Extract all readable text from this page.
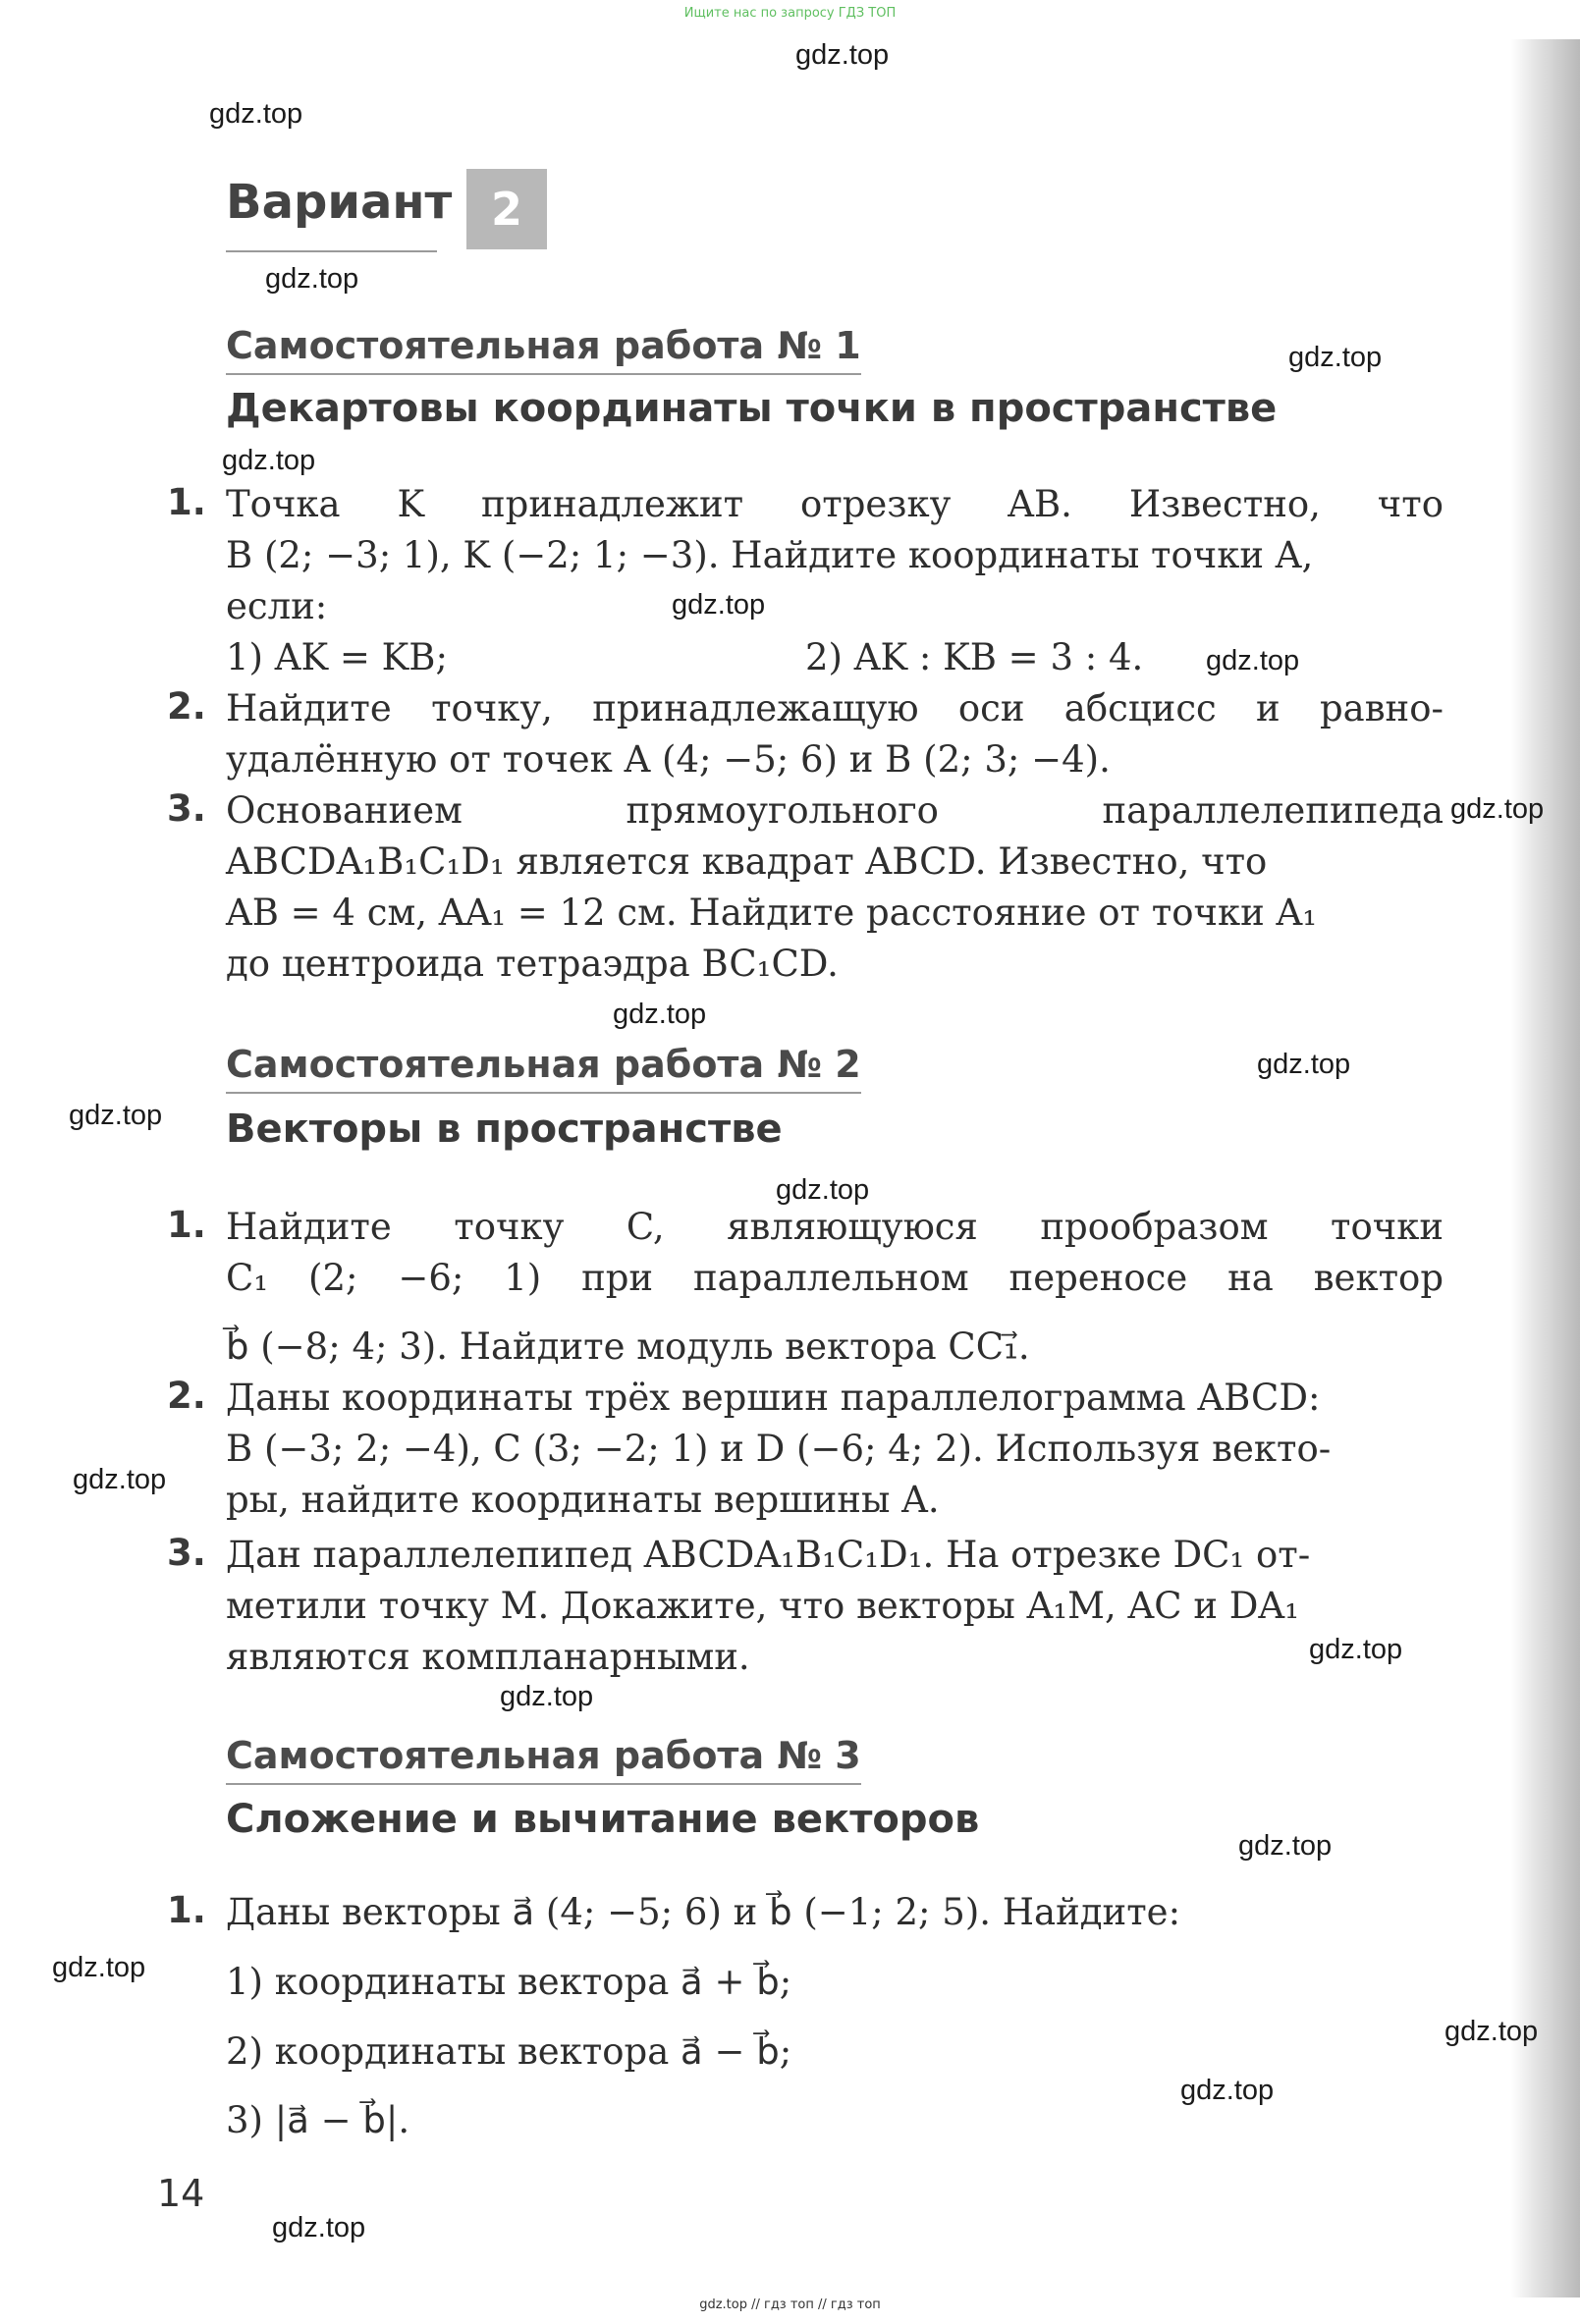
Ищите нас по запросу ГДЗ ТОП
gdz.top
gdz.top
gdz.top
gdz.top
gdz.top
gdz.top
gdz.top
gdz.top
gdz.top
gdz.top
gdz.top
gdz.top
gdz.top
gdz.top
gdz.top
gdz.top
gdz.top
gdz.top
gdz.top
gdz.top
Вариант 2
Самостоятельная работа № 1
Декартовы координаты точки в пространстве
1. Точка K принадлежит отрезку AB. Известно, что
B (2; −3; 1), K (−2; 1; −3). Найдите координаты точки A,
если:
1) AK = KB;	2) AK : KB = 3 : 4.
2. Найдите точку, принадлежащую оси абсцисс и равно-
удалённую от точек A (4; −5; 6) и B (2; 3; −4).
3. Основанием прямоугольного параллелепипеда
ABCDA₁B₁C₁D₁ является квадрат ABCD. Известно, что
AB = 4 см, AA₁ = 12 см. Найдите расстояние от точки A₁
до центроида тетраэдра BC₁CD.
Самостоятельная работа № 2
Векторы в пространстве
1. Найдите точку C, являющуюся прообразом точки
C₁ (2; −6; 1) при параллельном переносе на вектор
b⃗ (−8; 4; 3). Найдите модуль вектора CC₁⃗.
2. Даны координаты трёх вершин параллелограмма ABCD:
B (−3; 2; −4), C (3; −2; 1) и D (−6; 4; 2). Используя векто-
ры, найдите координаты вершины A.
3. Дан параллелепипед ABCDA₁B₁C₁D₁. На отрезке DC₁ от-
метили точку M. Докажите, что векторы A₁M, AC и DA₁
являются компланарными.
Самостоятельная работа № 3
Сложение и вычитание векторов
1. Даны векторы a⃗ (4; −5; 6) и b⃗ (−1; 2; 5). Найдите:
1) координаты вектора a⃗ + b⃗;
2) координаты вектора a⃗ − b⃗;
3) |a⃗ − b⃗|.
14
gdz.top // гдз топ // гдз топ
